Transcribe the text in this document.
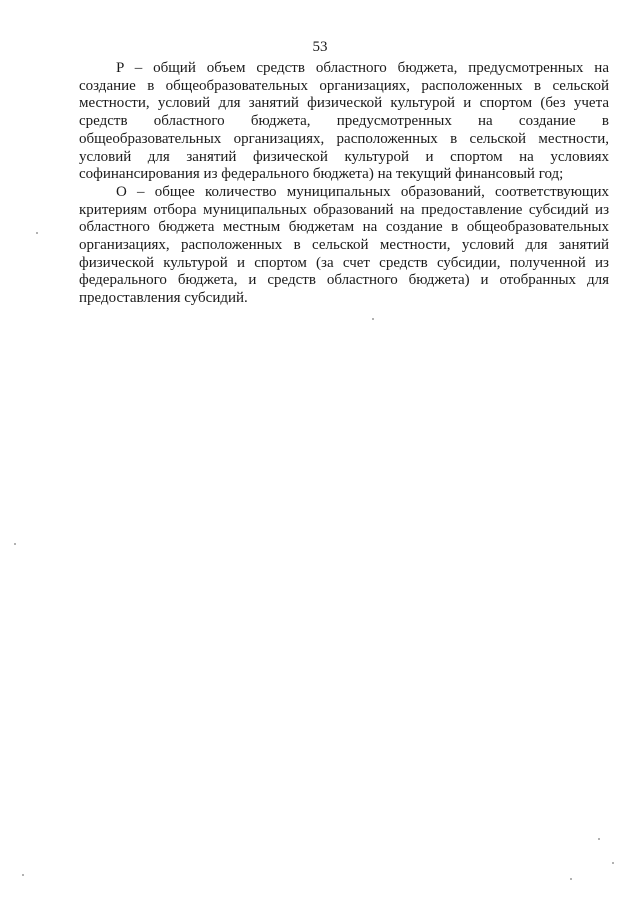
53

P – общий объем средств областного бюджета, предусмотренных на создание в общеобразовательных организациях, расположенных в сельской местности, условий для занятий физической культурой и спортом (без учета средств областного бюджета, предусмотренных на создание в общеобразовательных организациях, расположенных в сельской местности, условий для занятий физической культурой и спортом на условиях софинансирования из федерального бюджета) на текущий финансовый год;

O – общее количество муниципальных образований, соответствующих критериям отбора муниципальных образований на предоставление субсидий из областного бюджета местным бюджетам на создание в общеобразовательных организациях, расположенных в сельской местности, условий для занятий физической культурой и спортом (за счет средств субсидии, полученной из федерального бюджета, и средств областного бюджета) и отобранных для предоставления субсидий.
